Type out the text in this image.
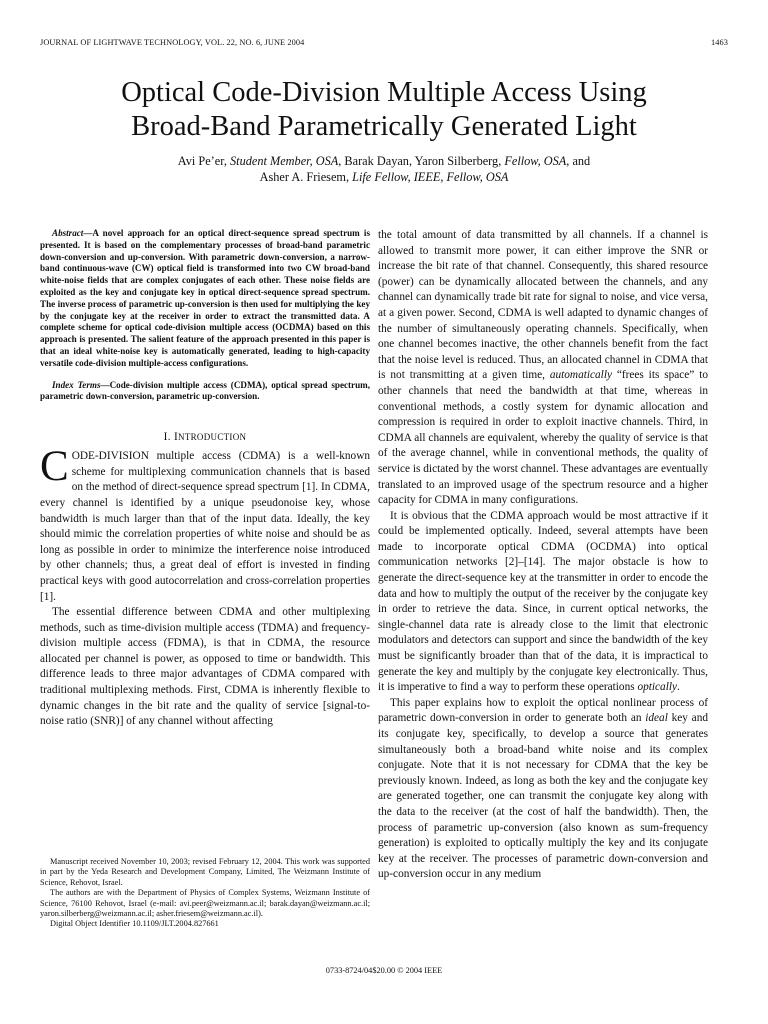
JOURNAL OF LIGHTWAVE TECHNOLOGY, VOL. 22, NO. 6, JUNE 2004	1463
Optical Code-Division Multiple Access Using
Broad-Band Parametrically Generated Light
Avi Pe’er, Student Member, OSA, Barak Dayan, Yaron Silberberg, Fellow, OSA, and
Asher A. Friesem, Life Fellow, IEEE, Fellow, OSA

Abstract—A novel approach for an optical direct-sequence spread spectrum is presented. It is based on the complementary processes of broad-band parametric down-conversion and up-conversion. With parametric down-conversion, a narrow-band continuous-wave (CW) optical field is transformed into two CW broad-band white-noise fields that are complex conjugates of each other. These noise fields are exploited as the key and conjugate key in optical direct-sequence spread spectrum. The inverse process of parametric up-conversion is then used for multiplying the key by the conjugate key at the receiver in order to extract the transmitted data. A complete scheme for optical code-division multiple access (OCDMA) based on this approach is presented. The salient feature of the approach presented in this paper is that an ideal white-noise key is automatically generated, leading to high-capacity versatile code-division multiple-access configurations.

Index Terms—Code-division multiple access (CDMA), optical spread spectrum, parametric down-conversion, parametric up-conversion.

I. INTRODUCTION

CODE-DIVISION multiple access (CDMA) is a well-known scheme for multiplexing communication channels that is based on the method of direct-sequence spread spectrum [1]. In CDMA, every channel is identified by a unique pseudonoise key, whose bandwidth is much larger than that of the input data. Ideally, the key should mimic the correlation properties of white noise and should be as long as possible in order to minimize the interference noise introduced by other channels; thus, a great deal of effort is invested in finding practical keys with good autocorrelation and cross-correlation properties [1].

The essential difference between CDMA and other multiplexing methods, such as time-division multiple access (TDMA) and frequency-division multiple access (FDMA), is that in CDMA, the resource allocated per channel is power, as opposed to time or bandwidth. This difference leads to three major advantages of CDMA compared with traditional multiplexing methods. First, CDMA is inherently flexible to dynamic changes in the bit rate and the quality of service [signal-to-noise ratio (SNR)] of any channel without affecting

the total amount of data transmitted by all channels. If a channel is allowed to transmit more power, it can either improve the SNR or increase the bit rate of that channel. Consequently, this shared resource (power) can be dynamically allocated between the channels, and any channel can dynamically trade bit rate for signal to noise, and vice versa, at a given power. Second, CDMA is well adapted to dynamic changes of the number of simultaneously operating channels. Specifically, when one channel becomes inactive, the other channels benefit from the fact that the noise level is reduced. Thus, an allocated channel in CDMA that is not transmitting at a given time, automatically “frees its space” to other channels that need the bandwidth at that time, whereas in conventional methods, a costly system for dynamic allocation and compression is required in order to exploit inactive channels. Third, in CDMA all channels are equivalent, whereby the quality of service is that of the average channel, while in conventional methods, the quality of service is dictated by the worst channel. These advantages are eventually translated to an improved usage of the spectrum resource and a higher capacity for CDMA in many configurations.

It is obvious that the CDMA approach would be most attractive if it could be implemented optically. Indeed, several attempts have been made to incorporate optical CDMA (OCDMA) into optical communication networks [2]–[14]. The major obstacle is how to generate the direct-sequence key at the transmitter in order to encode the data and how to multiply the output of the receiver by the conjugate key in order to retrieve the data. Since, in current optical networks, the single-channel data rate is already close to the limit that electronic modulators and detectors can support and since the bandwidth of the key must be significantly broader than that of the data, it is impractical to generate the key and multiply by the conjugate key electronically. Thus, it is imperative to find a way to perform these operations optically.

This paper explains how to exploit the optical nonlinear process of parametric down-conversion in order to generate both an ideal key and its conjugate key, specifically, to develop a source that generates simultaneously both a broad-band white noise and its complex conjugate. Note that it is not necessary for CDMA that the key be previously known. Indeed, as long as both the key and the conjugate key are generated together, one can transmit the conjugate key along with the data to the receiver (at the cost of half the bandwidth). Then, the process of parametric up-conversion (also known as sum-frequency generation) is exploited to optically multiply the key and its conjugate key at the receiver. The processes of parametric down-conversion and up-conversion occur in any medium

Manuscript received November 10, 2003; revised February 12, 2004. This work was supported in part by the Yeda Research and Development Company, Limited, The Weizmann Institute of Science, Rehovot, Israel.

The authors are with the Department of Physics of Complex Systems, Weizmann Institute of Science, 76100 Rehovot, Israel (e-mail: avi.peer@weizmann.ac.il; barak.dayan@weizmann.ac.il; yaron.silberberg@weizmann.ac.il; asher.friesem@weizmann.ac.il).

Digital Object Identifier 10.1109/JLT.2004.827661

0733-8724/04$20.00 © 2004 IEEE
